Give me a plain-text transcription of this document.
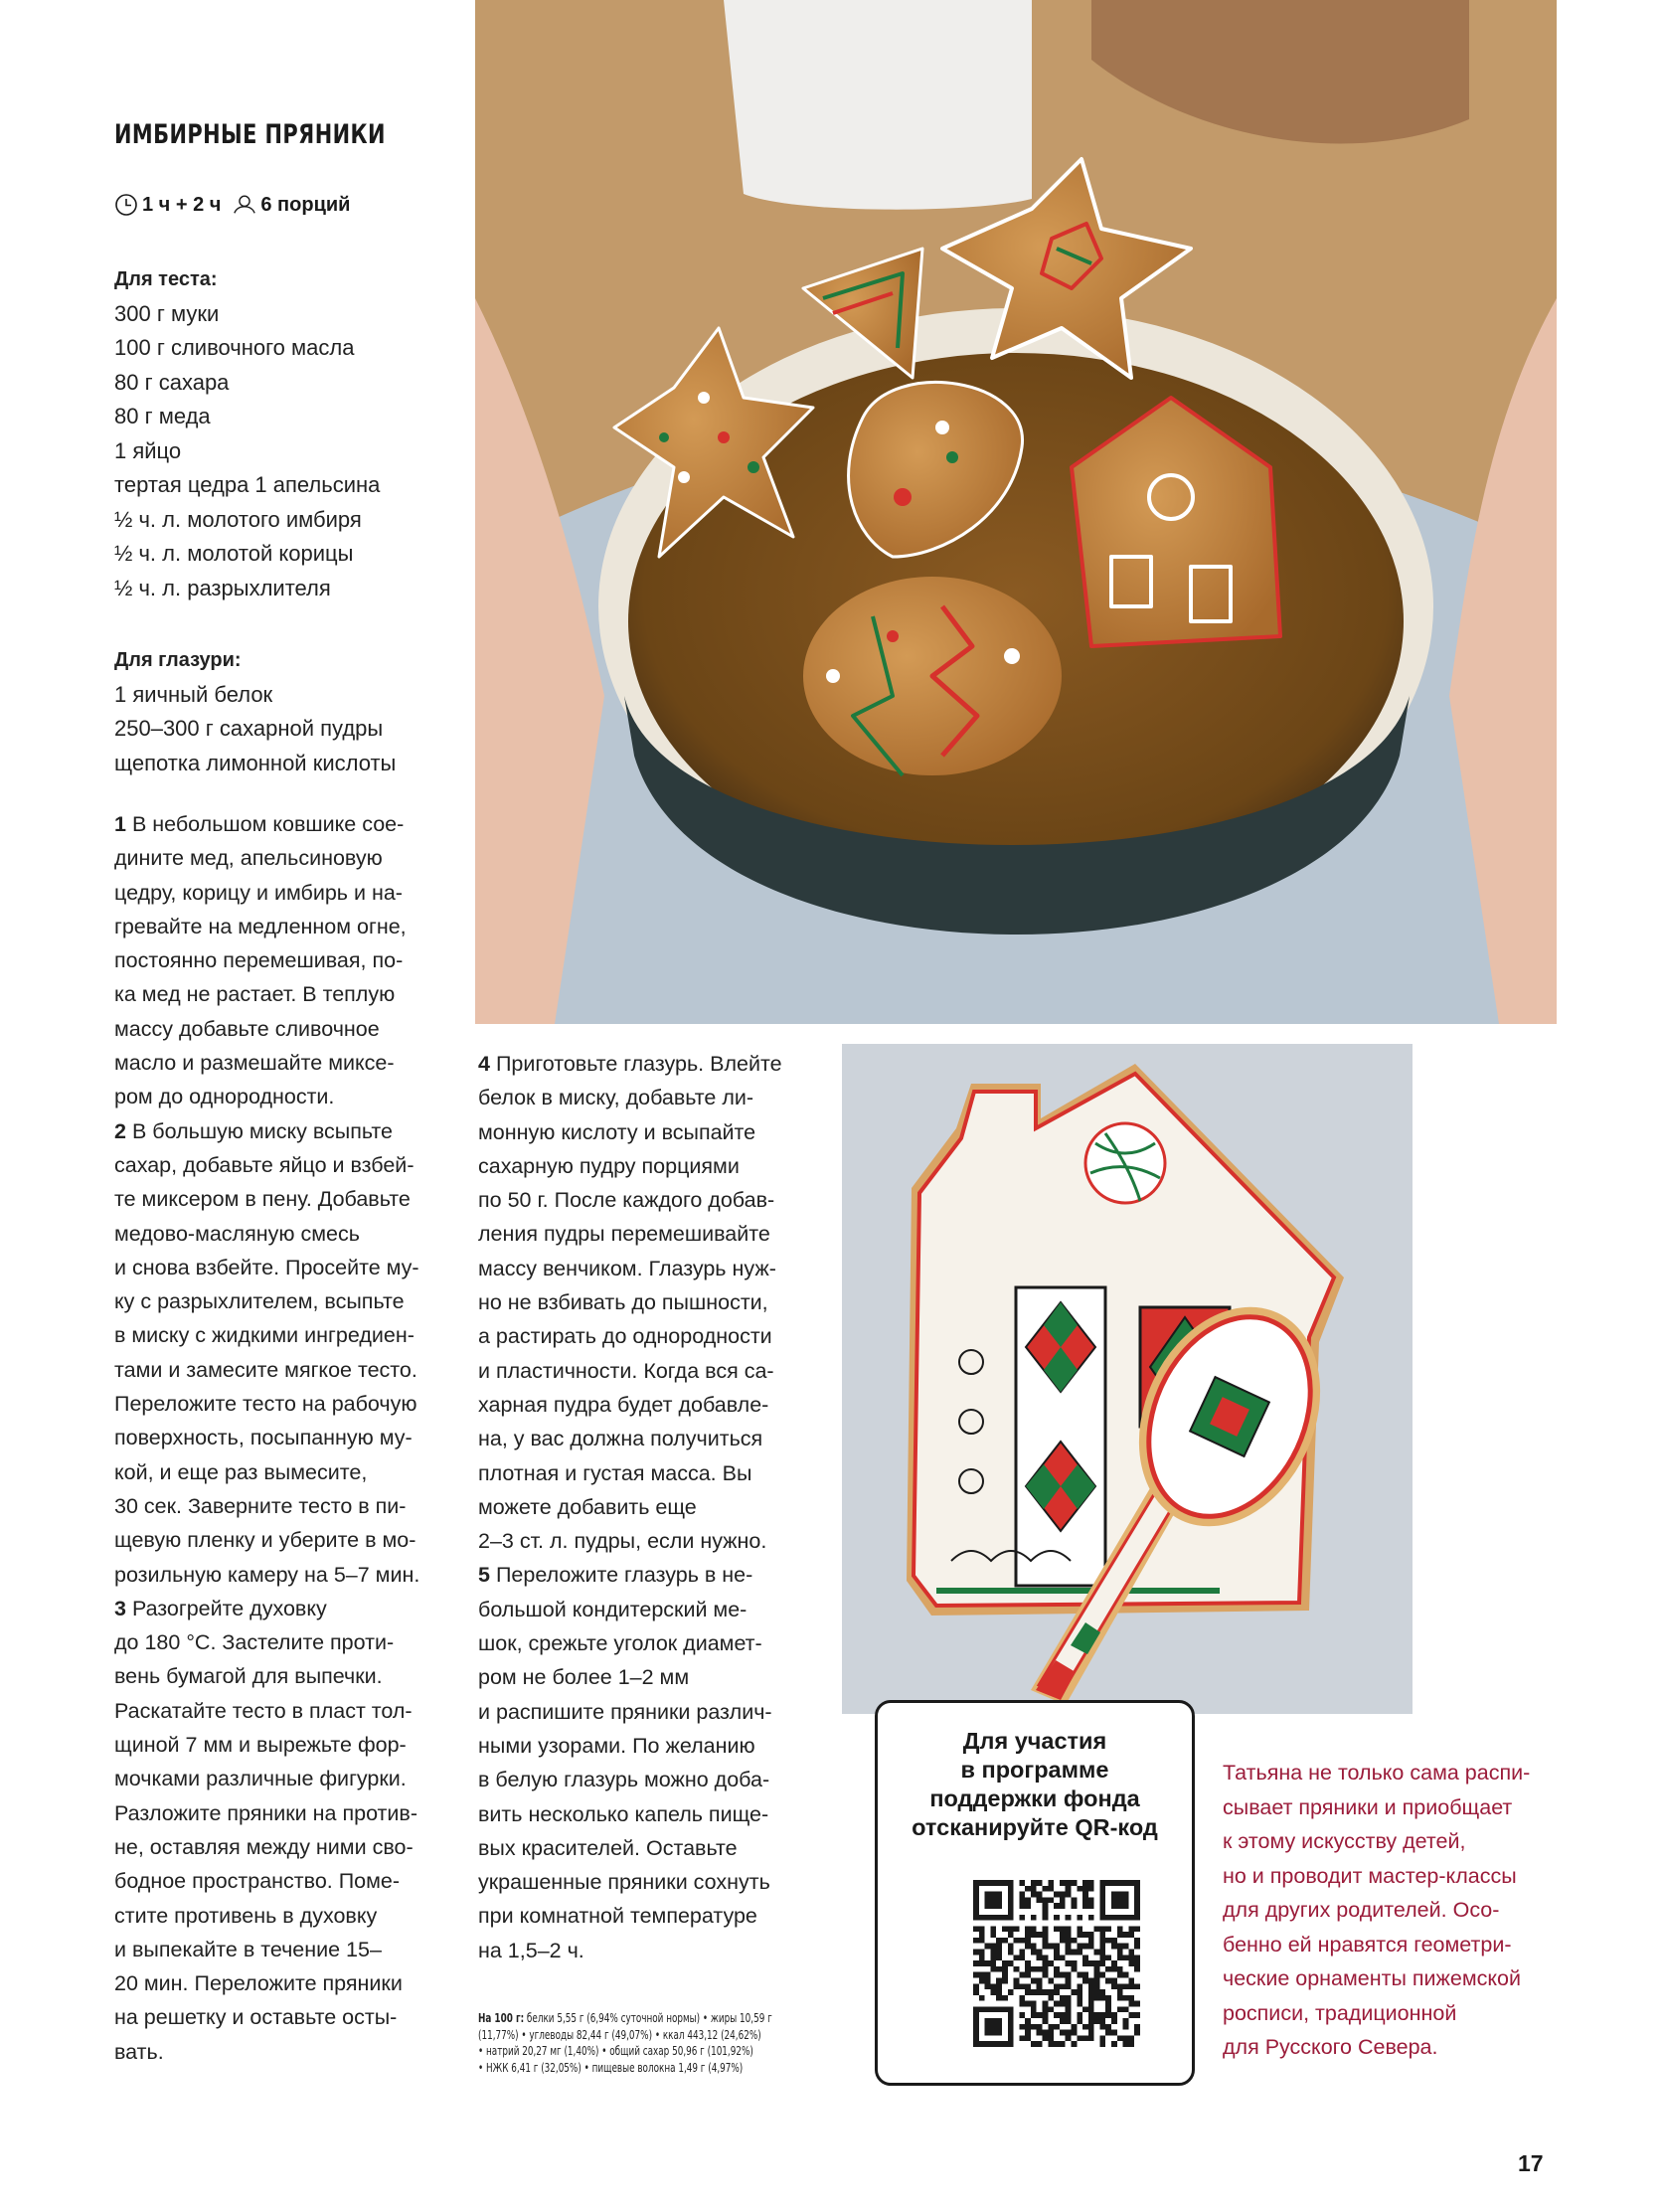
ИМБИРНЫЕ ПРЯНИКИ
1 ч + 2 ч 6 порций
Для теста:
300 г муки
100 г сливочного масла
80 г сахара
80 г меда
1 яйцо
тертая цедра 1 апельсина
½ ч. л. молотого имбиря
½ ч. л. молотой корицы
½ ч. л. разрыхлителя
Для глазури:
1 яичный белок
250–300 г сахарной пудры
щепотка лимонной кислоты
1 В небольшом ковшике сое-
дините мед, апельсиновую
цедру, корицу и имбирь и на-
гревайте на медленном огне,
постоянно перемешивая, по-
ка мед не растает. В теплую
массу добавьте сливочное
масло и размешайте миксе-
ром до однородности.
2 В большую миску всыпьте
сахар, добавьте яйцо и взбей-
те миксером в пену. Добавьте
медово-масляную смесь
и снова взбейте. Просейте му-
ку с разрыхлителем, всыпьте
в миску с жидкими ингредиен-
тами и замесите мягкое тесто.
Переложите тесто на рабочую
поверхность, посыпанную му-
кой, и еще раз вымесите,
30 сек. Заверните тесто в пи-
щевую пленку и уберите в мо-
розильную камеру на 5–7 мин.
3 Разогрейте духовку
до 180 °С. Застелите проти-
вень бумагой для выпечки.
Раскатайте тесто в пласт тол-
щиной 7 мм и вырежьте фор-
мочками различные фигурки.
Разложите пряники на против-
не, оставляя между ними сво-
бодное пространство. Поме-
стите противень в духовку
и выпекайте в течение 15–
20 мин. Переложите пряники
на решетку и оставьте осты-
вать.
4 Приготовьте глазурь. Влейте
белок в миску, добавьте ли-
монную кислоту и всыпайте
сахарную пудру порциями
по 50 г. После каждого добав-
ления пудры перемешивайте
массу венчиком. Глазурь нуж-
но не взбивать до пышности,
а растирать до однородности
и пластичности. Когда вся са-
харная пудра будет добавле-
на, у вас должна получиться
плотная и густая масса. Вы
можете добавить еще
2–3 ст. л. пудры, если нужно.
5 Переложите глазурь в не-
большой кондитерский ме-
шок, срежьте уголок диамет-
ром не более 1–2 мм
и распишите пряники различ-
ными узорами. По желанию
в белую глазурь можно доба-
вить несколько капель пище-
вых красителей. Оставьте
украшенные пряники сохнуть
при комнатной температуре
на 1,5–2 ч.
На 100 г: белки 5,55 г (6,94% суточной нормы) • жиры 10,59 г
(11,77%) • углеводы 82,44 г (49,07%) • ккал 443,12 (24,62%)
• натрий 20,27 мг (1,40%) • общий сахар 50,96 г (101,92%)
• НЖК 6,41 г (32,05%) • пищевые волокна 1,49 г (4,97%)
Для участия
в программе
поддержки фонда
отсканируйте QR-код
Татьяна не только сама распи-
сывает пряники и приобщает
к этому искусству детей,
но и проводит мастер-классы
для других родителей. Осо-
бенно ей нравятся геометри-
ческие орнаменты пижемской
росписи, традиционной
для Русского Севера.
17
